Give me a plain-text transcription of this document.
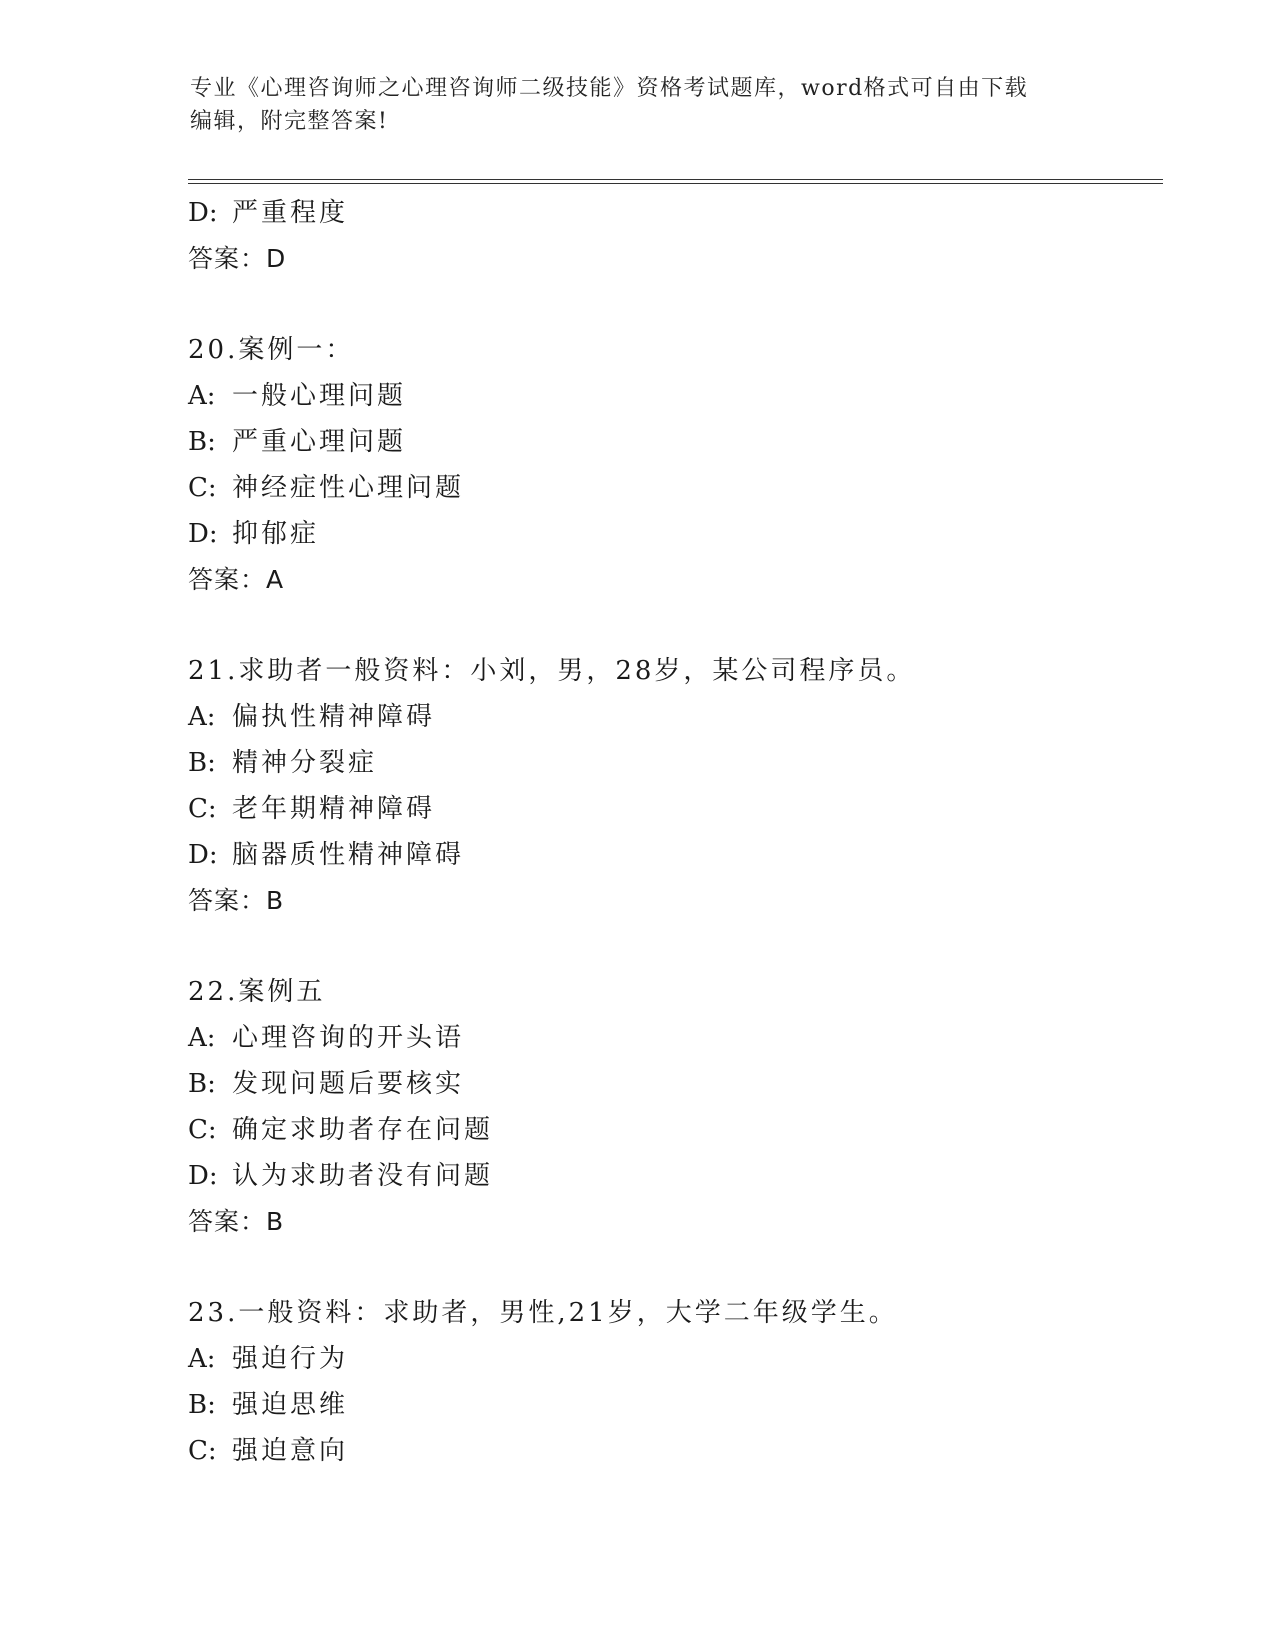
专业《心理咨询师之心理咨询师二级技能》资格考试题库，word格式可自由下载
编辑，附完整答案!
D: 严重程度
答案：D
20.案例一：
A: 一般心理问题
B: 严重心理问题
C: 神经症性心理问题
D: 抑郁症
答案：A
21.求助者一般资料：小刘，男，28岁，某公司程序员。
A: 偏执性精神障碍
B: 精神分裂症
C: 老年期精神障碍
D: 脑器质性精神障碍
答案：B
22.案例五
A: 心理咨询的开头语
B: 发现问题后要核实
C: 确定求助者存在问题
D: 认为求助者没有问题
答案：B
23.一般资料：求助者，男性,21岁，大学二年级学生。
A: 强迫行为
B: 强迫思维
C: 强迫意向
